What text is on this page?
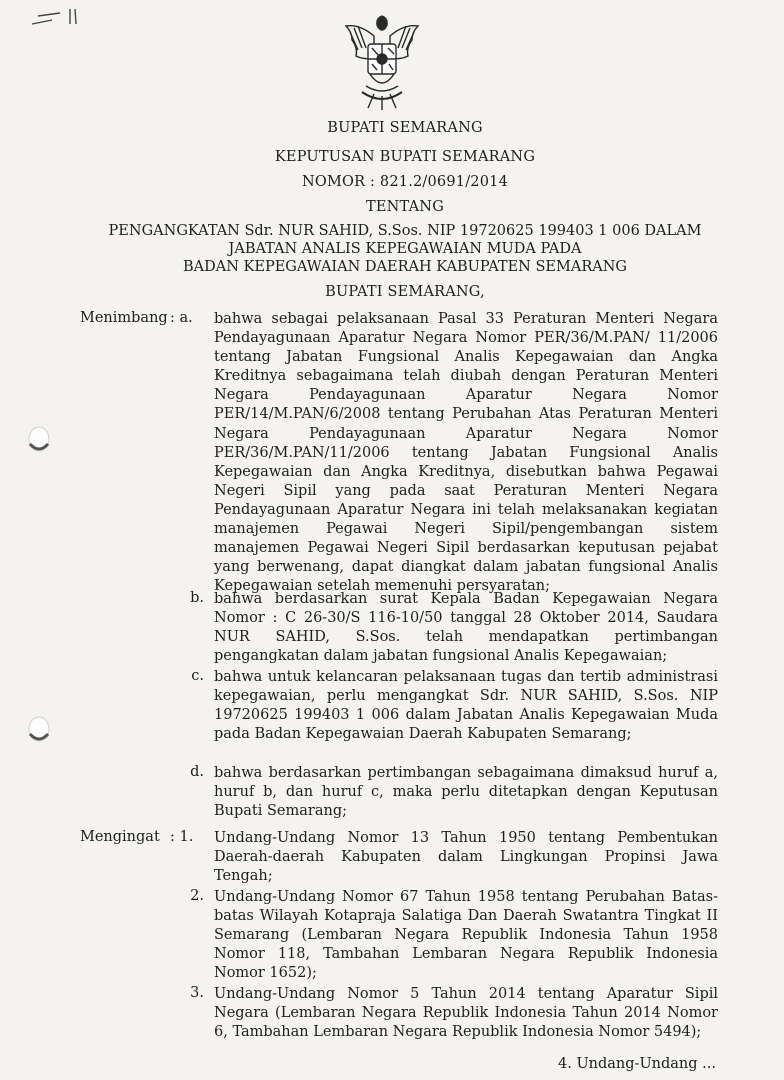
BUPATI SEMARANG
KEPUTUSAN BUPATI SEMARANG
NOMOR : 821.2/0691/2014
TENTANG
PENGANGKATAN Sdr. NUR SAHID, S.Sos. NIP 19720625 199403 1 006 DALAM
JABATAN ANALIS KEPEGAWAIAN MUDA PADA
BADAN KEPEGAWAIAN DAERAH KABUPATEN SEMARANG
BUPATI SEMARANG,
Menimbang : a. bahwa sebagai pelaksanaan Pasal 33 Peraturan Menteri Negara Pendayagunaan Aparatur Negara Nomor PER/36/M.PAN/ 11/2006 tentang Jabatan Fungsional Analis Kepegawaian dan Angka Kreditnya sebagaimana telah diubah dengan Peraturan Menteri Negara Pendayagunaan Aparatur Negara Nomor PER/14/M.PAN/6/2008 tentang Perubahan Atas Peraturan Menteri Negara Pendayagunaan Aparatur Negara Nomor PER/36/M.PAN/11/2006 tentang Jabatan Fungsional Analis Kepegawaian dan Angka Kreditnya, disebutkan bahwa Pegawai Negeri Sipil yang pada saat Peraturan Menteri Negara Pendayagunaan Aparatur Negara ini telah melaksanakan kegiatan manajemen Pegawai Negeri Sipil/pengembangan sistem manajemen Pegawai Negeri Sipil berdasarkan keputusan pejabat yang berwenang, dapat diangkat dalam jabatan fungsional Analis Kepegawaian setelah memenuhi persyaratan;
b. bahwa berdasarkan surat Kepala Badan Kepegawaian Negara Nomor : C 26-30/S 116-10/50 tanggal 28 Oktober 2014, Saudara NUR SAHID, S.Sos. telah mendapatkan pertimbangan pengangkatan dalam jabatan fungsional Analis Kepegawaian;
c. bahwa untuk kelancaran pelaksanaan tugas dan tertib administrasi kepegawaian, perlu mengangkat Sdr. NUR SAHID, S.Sos. NIP 19720625 199403 1 006 dalam Jabatan Analis Kepegawaian Muda pada Badan Kepegawaian Daerah Kabupaten Semarang;
d. bahwa berdasarkan pertimbangan sebagaimana dimaksud huruf a, huruf b, dan huruf c, maka perlu ditetapkan dengan Keputusan Bupati Semarang;
Mengingat : 1. Undang-Undang Nomor 13 Tahun 1950 tentang Pembentukan Daerah-daerah Kabupaten dalam Lingkungan Propinsi Jawa Tengah;
2. Undang-Undang Nomor 67 Tahun 1958 tentang Perubahan Batas-batas Wilayah Kotapraja Salatiga Dan Daerah Swatantra Tingkat II Semarang (Lembaran Negara Republik Indonesia Tahun 1958 Nomor 118, Tambahan Lembaran Negara Republik Indonesia Nomor 1652);
3. Undang-Undang Nomor 5 Tahun 2014 tentang Aparatur Sipil Negara (Lembaran Negara Republik Indonesia Tahun 2014 Nomor 6, Tambahan Lembaran Negara Republik Indonesia Nomor 5494);
4. Undang-Undang ...
